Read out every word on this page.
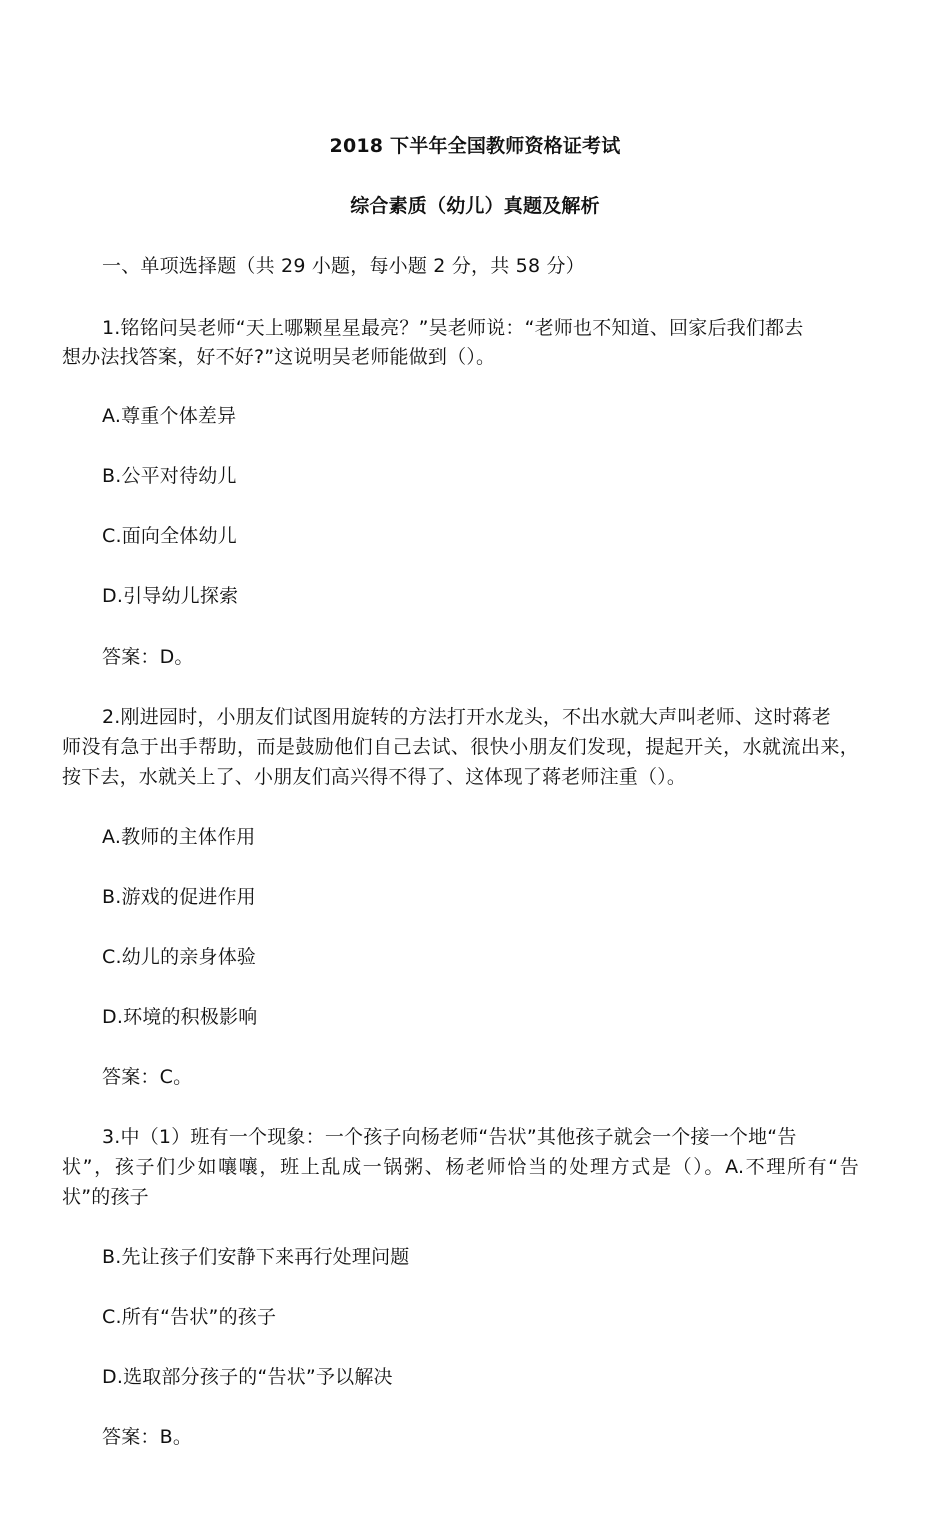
2018 下半年全国教师资格证考试
综合素质（幼儿）真题及解析
一、单项选择题（共 29 小题，每小题 2 分，共 58 分）
1.铭铭问吴老师“天上哪颗星星最亮？”吴老师说：“老师也不知道、回家后我们都去
想办法找答案，好不好?”这说明吴老师能做到（）。
A.尊重个体差异
B.公平对待幼儿
C.面向全体幼儿
D.引导幼儿探索
答案：D。
2.刚进园时，小朋友们试图用旋转的方法打开水龙头，不出水就大声叫老师、这时蒋老
师没有急于出手帮助，而是鼓励他们自己去试、很快小朋友们发现，提起开关，水就流出来，
按下去，水就关上了、小朋友们高兴得不得了、这体现了蒋老师注重（）。
A.教师的主体作用
B.游戏的促进作用
C.幼儿的亲身体验
D.环境的积极影响
答案：C。
3.中（1）班有一个现象：一个孩子向杨老师“告状”其他孩子就会一个接一个地“告
状”，孩子们少如嚷嚷，班上乱成一锅粥、杨老师恰当的处理方式是（）。A.不理所有“告
状”的孩子
B.先让孩子们安静下来再行处理问题
C.所有“告状”的孩子
D.选取部分孩子的“告状”予以解决
答案：B。
